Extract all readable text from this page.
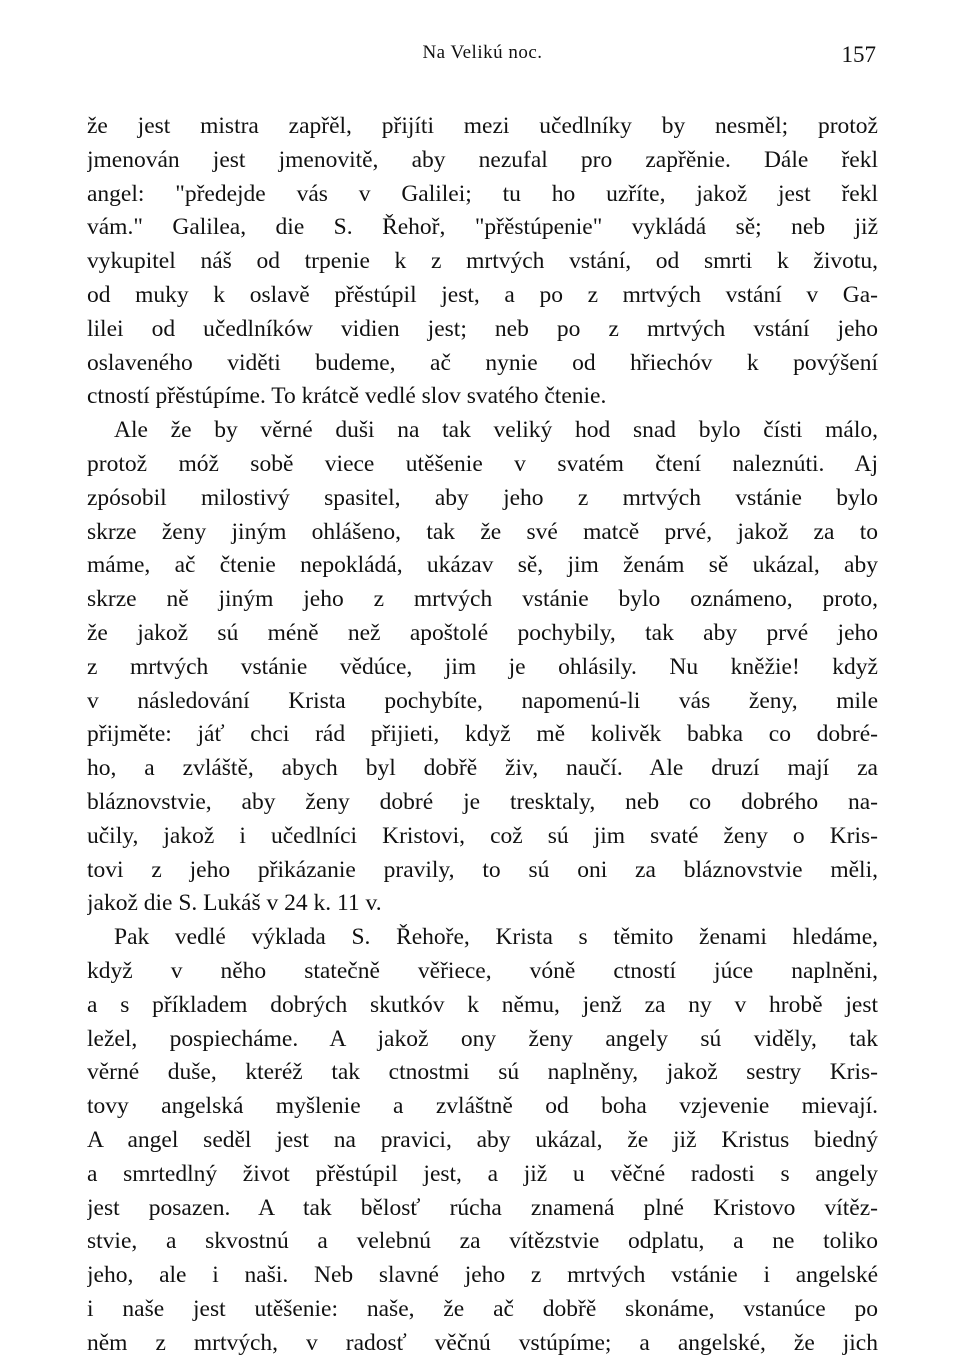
Na Velikú noc.	157
že jest mistra zapřěl, přijíti mezi učedlníky by nesměl; protož
jmenován jest jmenovitě, aby nezufal pro zapřěnie. Dále řekl
angel: "předejde vás v Galilei; tu ho uzříte, jakož jest řekl
vám." Galilea, die S. Řehoř, "přěstúpenie" vykládá sě; neb již
vykupitel náš od trpenie k z mrtvých vstání, od smrti k životu,
od muky k oslavě přěstúpil jest, a po z mrtvých vstání v Ga-
lilei od učedlníków vidien jest; neb po z mrtvých vstání jeho
oslaveného viděti budeme, ač nynie od hřiechóv k povýšení
ctností přěstúpíme. To krátcě vedlé slov svatého čtenie.
Ale že by věrné duši na tak veliký hod snad bylo čísti málo,
protož móž sobě viece utěšenie v svatém čtení naleznúti. Aj
zpósobil milostivý spasitel, aby jeho z mrtvých vstánie bylo
skrze ženy jiným ohlášeno, tak že své matcě prvé, jakož za to
máme, ač čtenie nepokládá, ukázav sě, jim ženám sě ukázal, aby
skrze ně jiným jeho z mrtvých vstánie bylo oznámeno, proto,
že jakož sú méně než apoštolé pochybily, tak aby prvé jeho
z mrtvých vstánie vědúce, jim je ohlásily. Nu kněžie! když
v následování Krista pochybíte, napomenú-li vás ženy, mile
přijměte: jáť chci rád přijieti, když mě kolivěk babka co dobré-
ho, a zvláště, abych byl dobřě živ, naučí. Ale druzí mají za
bláznovstvie, aby ženy dobré je tresktaly, neb co dobrého na-
učily, jakož i učedlníci Kristovi, což sú jim svaté ženy o Kris-
tovi z jeho přikázanie pravily, to sú oni za bláznovstvie měli,
jakož die S. Lukáš v 24 k. 11 v.
Pak vedlé výklada S. Řehoře, Krista s těmito ženami hledáme,
když v něho statečně věřiece, vóně ctností júce naplněni,
a s příkladem dobrých skutkóv k němu, jenž za ny v hrobě jest
ležel, pospiecháme. A jakož ony ženy angely sú viděly, tak
věrné duše, kteréž tak ctnostmi sú naplněny, jakož sestry Kris-
tovy angelská myšlenie a zvláštně od boha vzjevenie mievají.
A angel seděl jest na pravici, aby ukázal, že již Kristus biedný
a smrtedlný život přěstúpil jest, a již u věčné radosti s angely
jest posazen. A tak bělosť rúcha znamená plné Kristovo vítěz-
stvie, a skvostnú a velebnú za vítězstvie odplatu, a ne toliko
jeho, ale i naši. Neb slavné jeho z mrtvých vstánie i angelské
i naše jest utěšenie: naše, že ač dobřě skonáme, vstanúce po
něm z mrtvých, v radosť věčnú vstúpíme; a angelské, že jich
